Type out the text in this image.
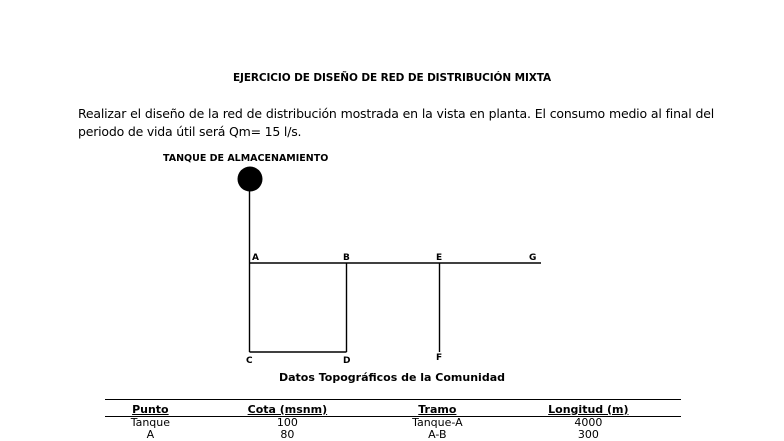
EJERCICIO DE DISEÑO DE RED DE DISTRIBUCIÓN MIXTA
Realizar el diseño de la red de distribución mostrada en la vista en planta. El consumo medio al final del periodo de vida útil será Qm= 15 l/s.
TANQUE DE ALMACENAMIENTO
A	B	E	G
C	D	F
Datos Topográficos de la Comunidad
Punto	Cota (msnm)	Tramo	Longitud (m)
Tanque	100	Tanque-A	4000
A	80	A-B	300
